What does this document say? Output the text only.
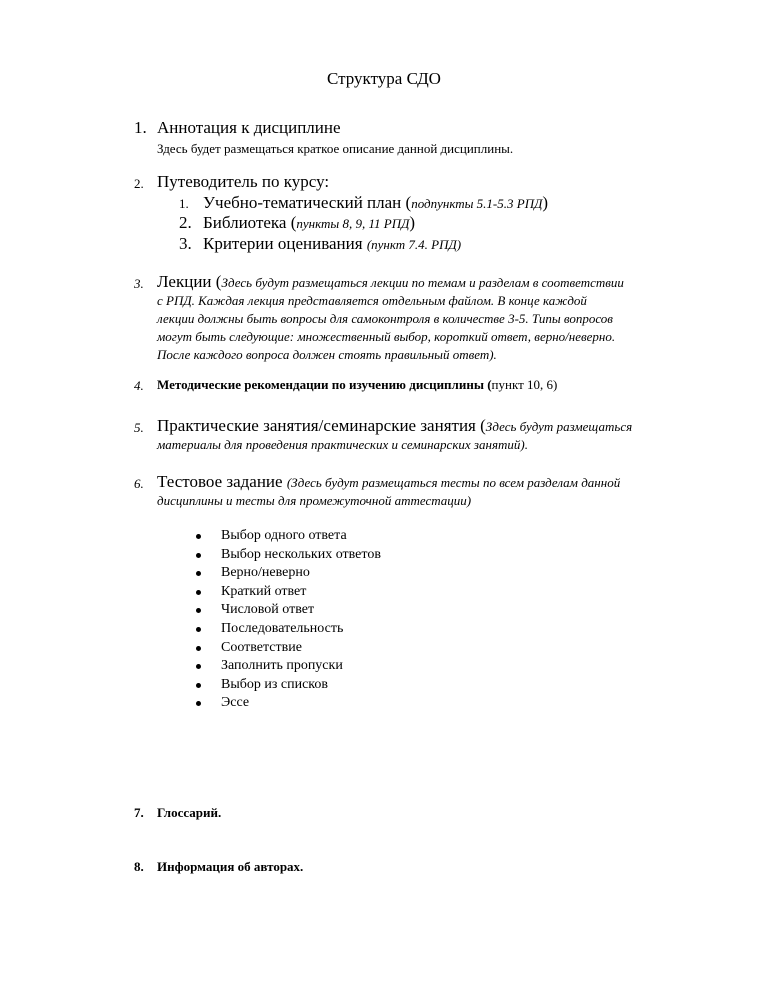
Структура СДО
1. Аннотация к дисциплине
Здесь будет размещаться краткое описание данной дисциплины.
2. Путеводитель по курсу:
1. Учебно-тематический план (подпункты 5.1-5.3 РПД)
2. Библиотека (пункты 8, 9, 11 РПД)
3. Критерии оценивания (пункт 7.4. РПД)
3. Лекции (Здесь будут размещаться лекции по темам и разделам в соответствии
с РПД. Каждая лекция представляется отдельным файлом. В конце каждой
лекции должны быть вопросы для самоконтроля в количестве 3-5. Типы вопросов
могут быть следующие: множественный выбор, короткий ответ, верно/неверно.
После каждого вопроса должен стоять правильный ответ).
4. Методические рекомендации по изучению дисциплины (пункт 10, 6)
5. Практические занятия/семинарские занятия (Здесь будут размещаться
материалы для проведения практических и семинарских занятий).
6. Тестовое задание (Здесь будут размещаться тесты по всем разделам данной
дисциплины и тесты для промежуточной аттестации)
Выбор одного ответа
Выбор нескольких ответов
Верно/неверно
Краткий ответ
Числовой ответ
Последовательность
Соответствие
Заполнить пропуски
Выбор из списков
Эссе
7. Глоссарий.
8. Информация об авторах.
